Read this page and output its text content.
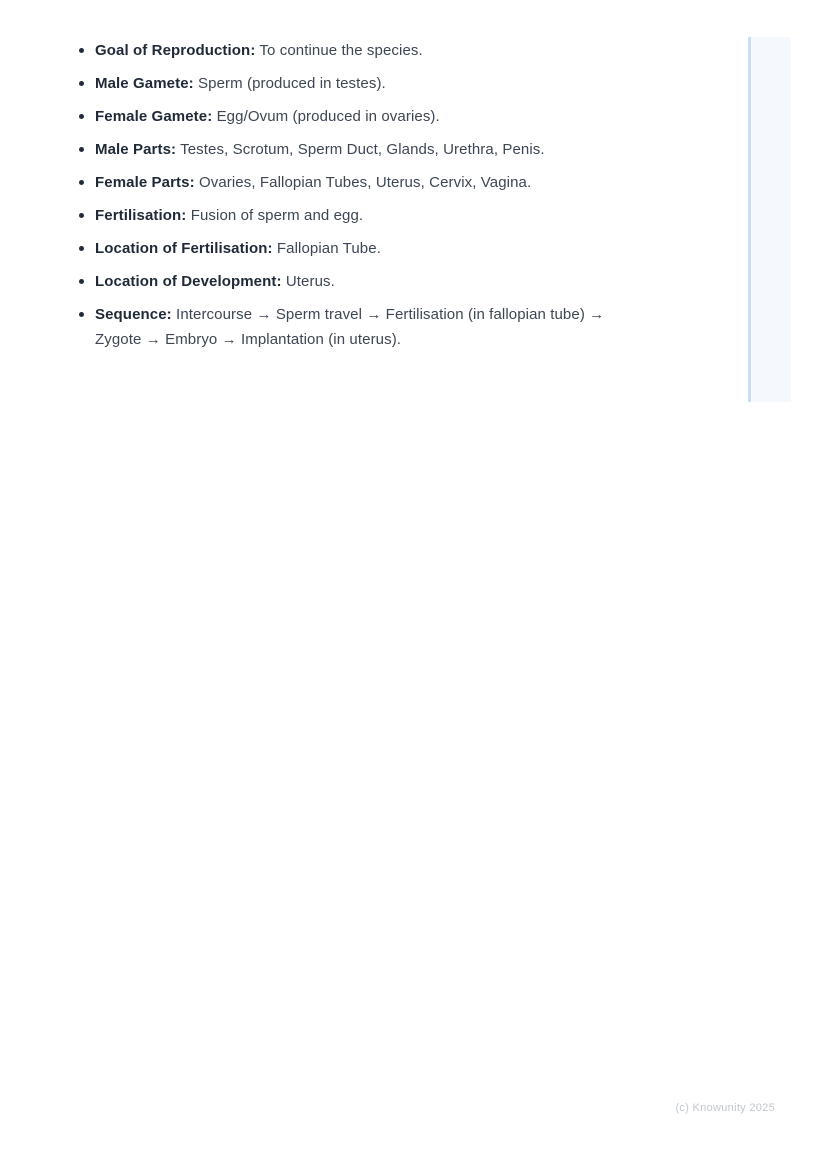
Goal of Reproduction: To continue the species.
Male Gamete: Sperm (produced in testes).
Female Gamete: Egg/Ovum (produced in ovaries).
Male Parts: Testes, Scrotum, Sperm Duct, Glands, Urethra, Penis.
Female Parts: Ovaries, Fallopian Tubes, Uterus, Cervix, Vagina.
Fertilisation: Fusion of sperm and egg.
Location of Fertilisation: Fallopian Tube.
Location of Development: Uterus.
Sequence: Intercourse → Sperm travel → Fertilisation (in fallopian tube) → Zygote → Embryo → Implantation (in uterus).
(c) Knowunity 2025
